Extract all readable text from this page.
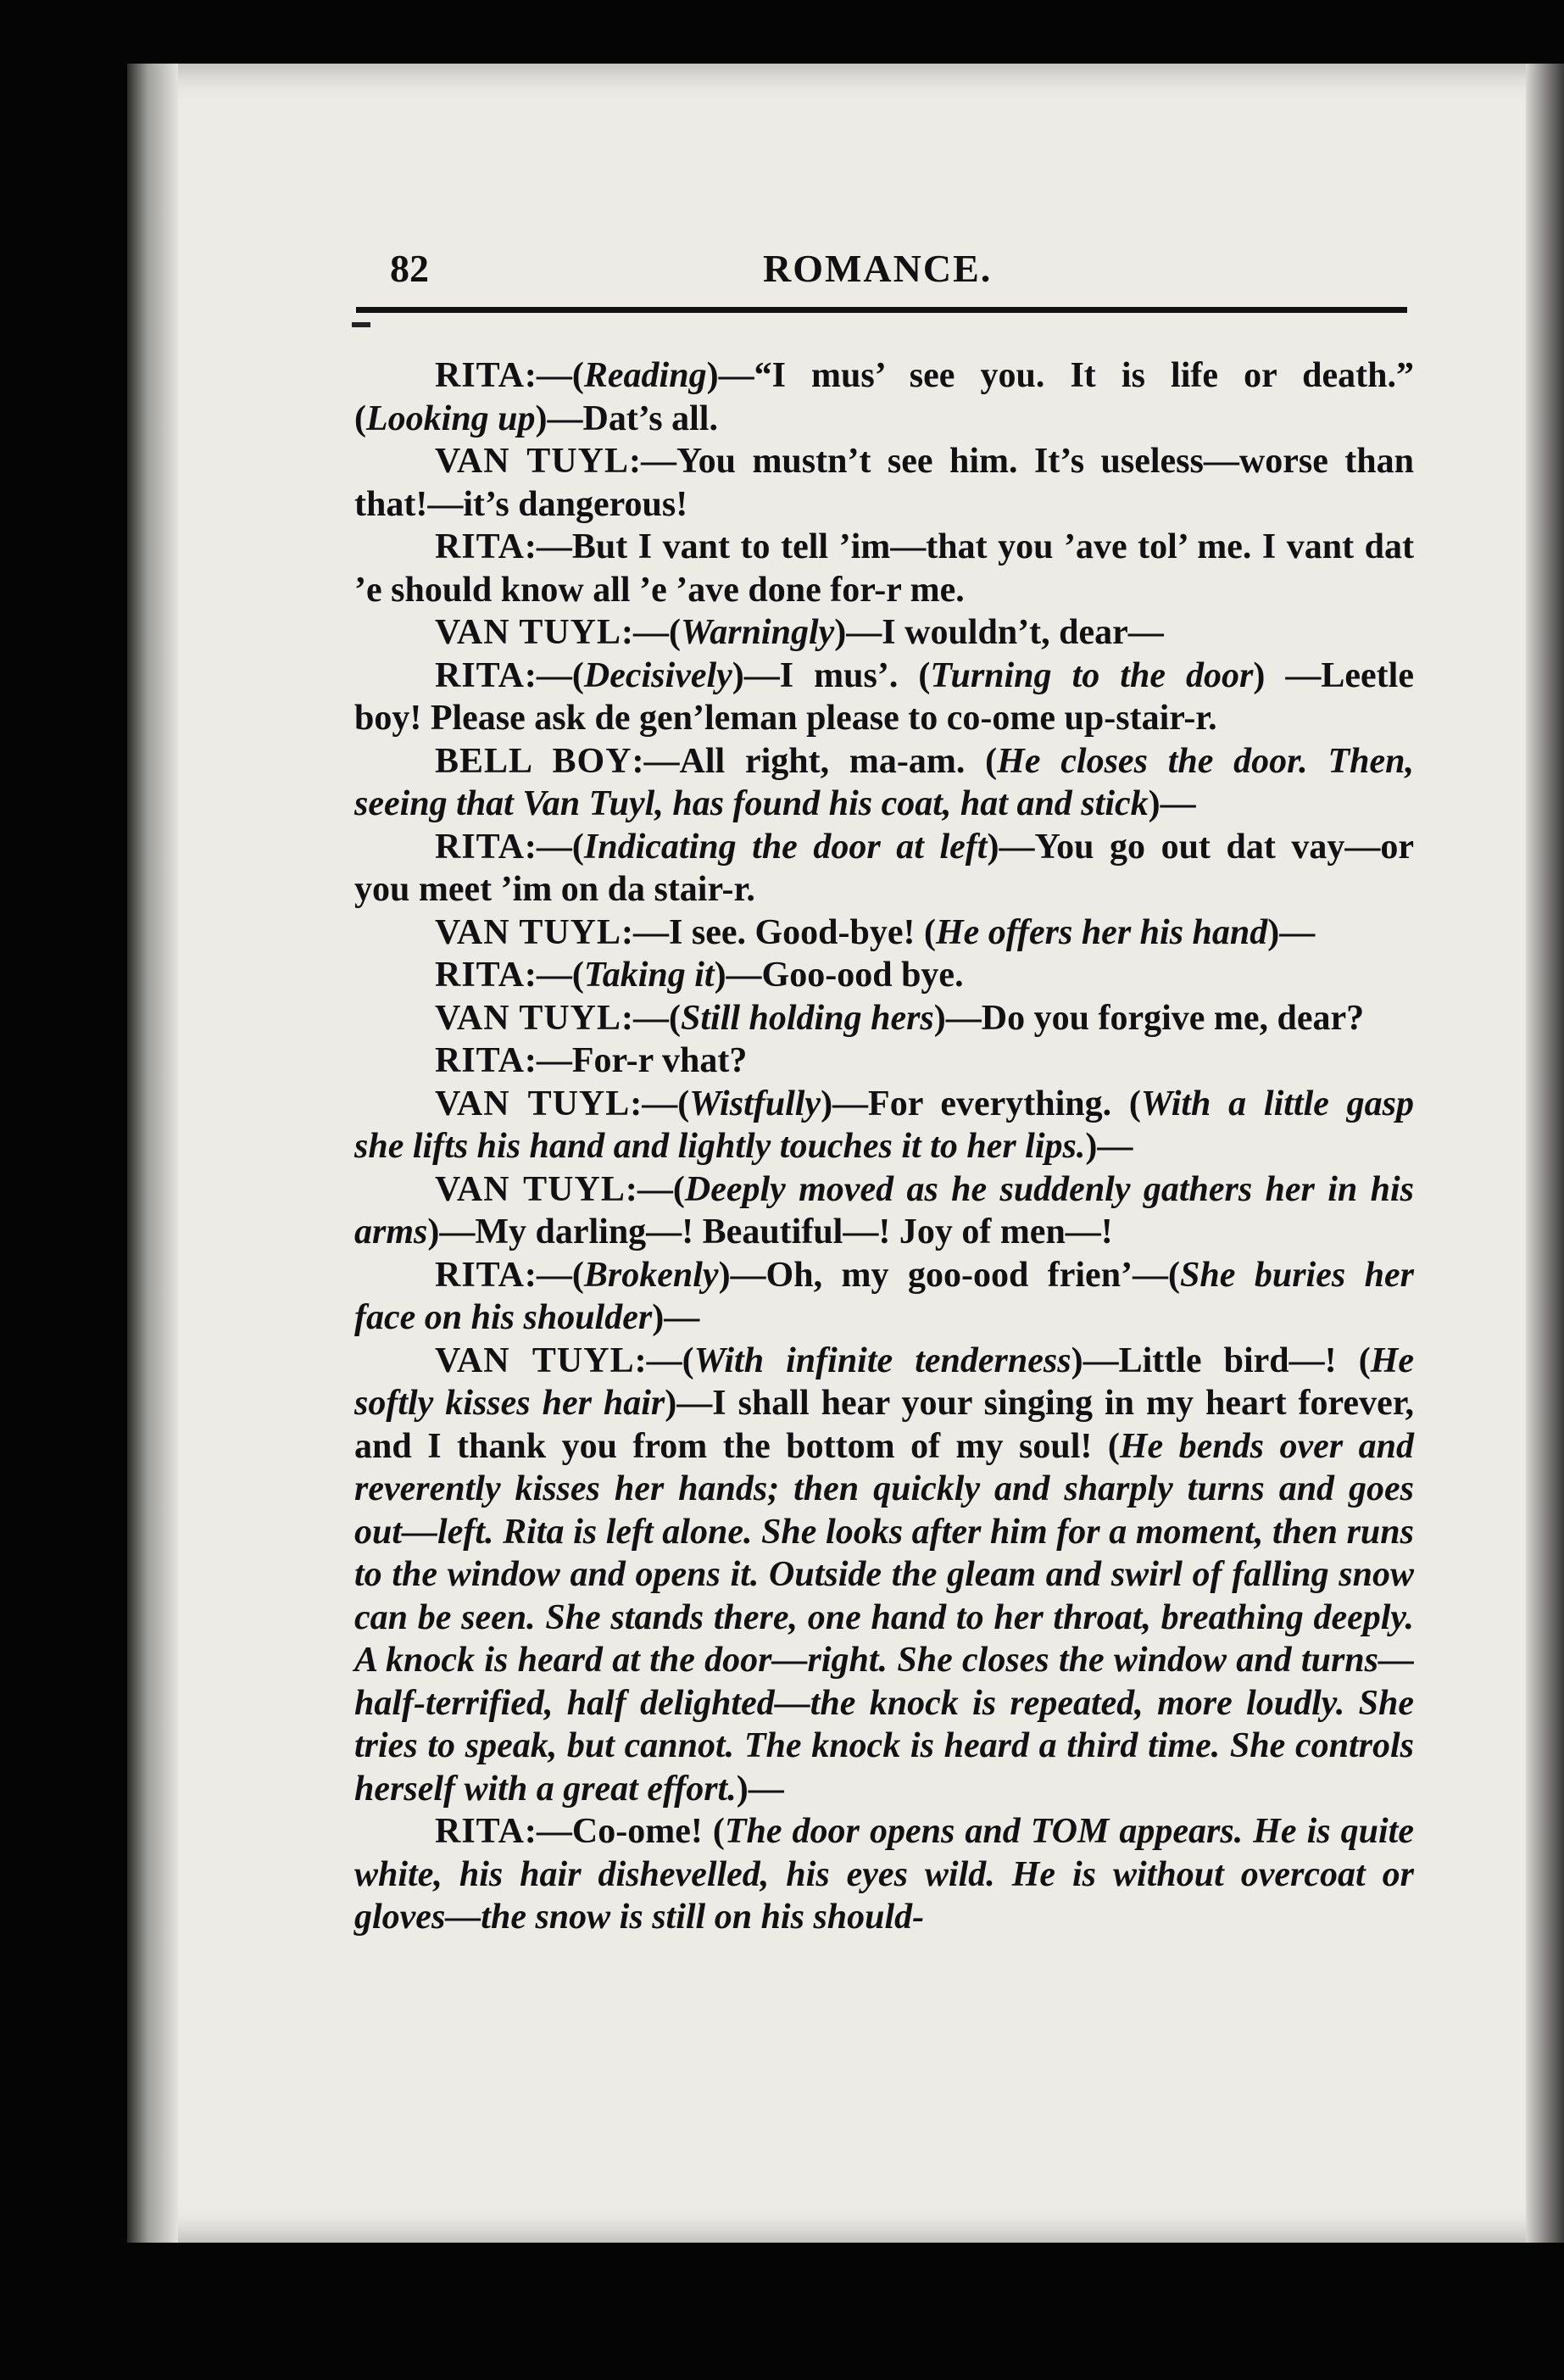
82	ROMANCE.

RITA:—(Reading)—“I mus’ see you. It is life or death.” (Looking up)—Dat’s all.

VAN TUYL:—You mustn’t see him. It’s useless—worse than that!—it’s dangerous!

RITA:—But I vant to tell ’im—that you ’ave tol’ me. I vant dat ’e should know all ’e ’ave done for-r me.

VAN TUYL:—(Warningly)—I wouldn’t, dear—

RITA:—(Decisively)—I mus’. (Turning to the door) —Leetle boy! Please ask de gen’leman please to co-ome up-stair-r.

BELL BOY:—All right, ma-am. (He closes the door. Then, seeing that Van Tuyl, has found his coat, hat and stick)—

RITA:—(Indicating the door at left)—You go out dat vay—or you meet ’im on da stair-r.

VAN TUYL:—I see. Good-bye! (He offers her his hand)—

RITA:—(Taking it)—Goo-ood bye.

VAN TUYL:—(Still holding hers)—Do you forgive me, dear?

RITA:—For-r vhat?

VAN TUYL:—(Wistfully)—For everything. (With a little gasp she lifts his hand and lightly touches it to her lips.)—

VAN TUYL:—(Deeply moved as he suddenly gathers her in his arms)—My darling—! Beautiful—! Joy of men—!

RITA:—(Brokenly)—Oh, my goo-ood frien’—(She buries her face on his shoulder)—

VAN TUYL:—(With infinite tenderness)—Little bird—! (He softly kisses her hair)—I shall hear your singing in my heart forever, and I thank you from the bottom of my soul! (He bends over and reverently kisses her hands; then quickly and sharply turns and goes out—left. Rita is left alone. She looks after him for a moment, then runs to the window and opens it. Outside the gleam and swirl of falling snow can be seen. She stands there, one hand to her throat, breathing deeply. A knock is heard at the door—right. She closes the window and turns—half-terrified, half delighted—the knock is repeated, more loudly. She tries to speak, but cannot. The knock is heard a third time. She controls herself with a great effort.)—

RITA:—Co-ome! (The door opens and TOM appears. He is quite white, his hair dishevelled, his eyes wild. He is without overcoat or gloves—the snow is still on his should-
